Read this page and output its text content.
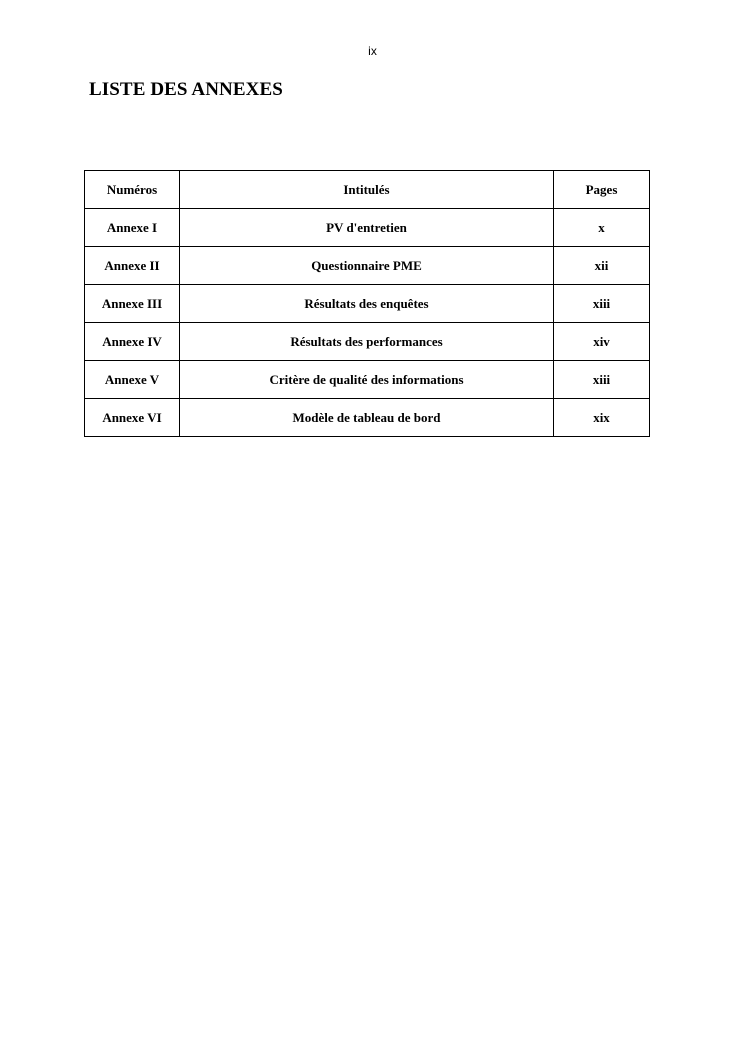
ix
LISTE DES ANNEXES
Numéros	Intitulés	Pages
Annexe I	PV d'entretien	x
Annexe II	Questionnaire PME	xii
Annexe III	Résultats des enquêtes	xiii
Annexe IV	Résultats des performances	xiv
Annexe V	Critère de qualité des informations	xiii
Annexe VI	Modèle de tableau de bord	xix
